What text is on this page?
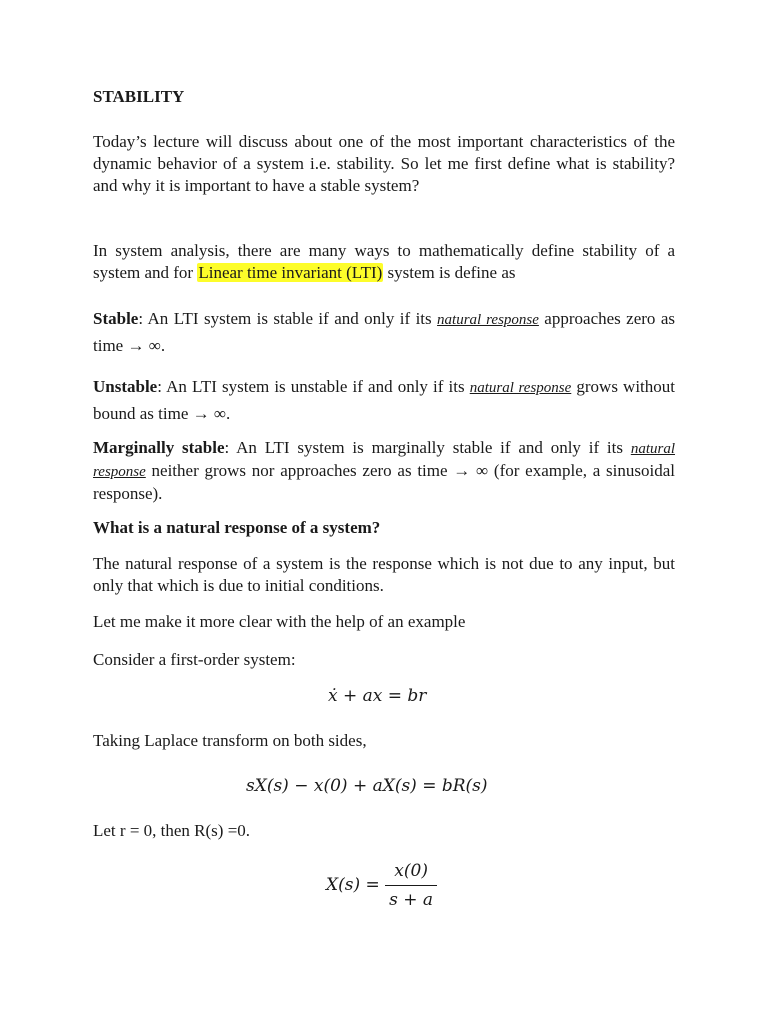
STABILITY
Today’s lecture will discuss about one of the most important characteristics of the dynamic behavior of a system i.e. stability. So let me first define what is stability? and why it is important to have a stable system?
In system analysis, there are many ways to mathematically define stability of a system and for Linear time invariant (LTI) system is define as
Stable: An LTI system is stable if and only if its natural response approaches zero as time → ∞.
Unstable: An LTI system is unstable if and only if its natural response grows without bound as time → ∞.
Marginally stable: An LTI system is marginally stable if and only if its natural response neither grows nor approaches zero as time → ∞ (for example, a sinusoidal response).
What is a natural response of a system?
The natural response of a system is the response which is not due to any input, but only that which is due to initial conditions.
Let me make it more clear with the help of an example
Consider a first-order system:
ẋ + ax = br
Taking Laplace transform on both sides,
sX(s) − x(0) + aX(s) = bR(s)
Let r = 0, then R(s) =0.
$X(s) = \frac{x(0)}{s + a}$
